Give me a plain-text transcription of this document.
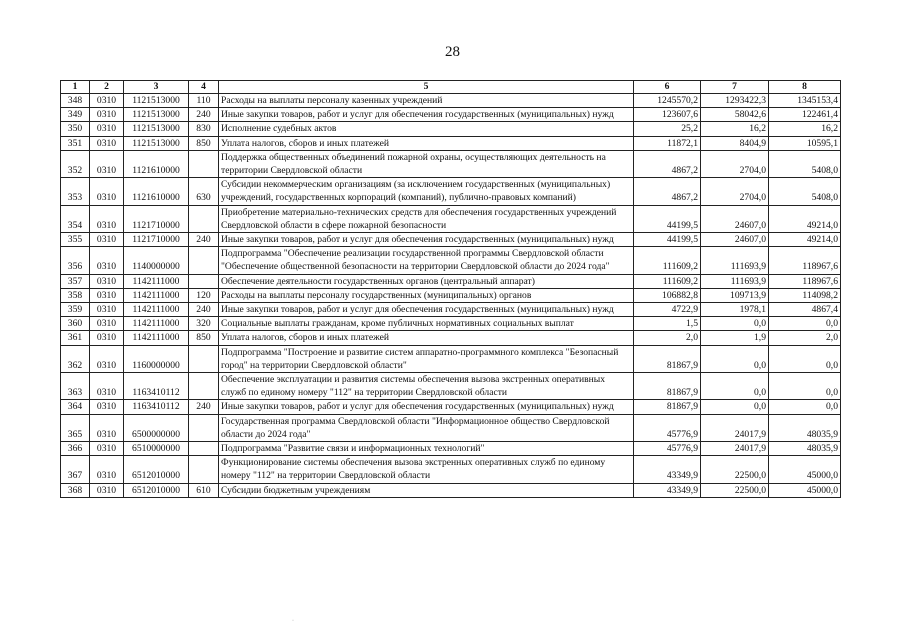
28
1	2	3	4	5	6	7	8
348	0310	1121513000	110	Расходы на выплаты персоналу казенных учреждений	1245570,2	1293422,3	1345153,4
349	0310	1121513000	240	Иные закупки товаров, работ и услуг для обеспечения государственных (муниципальных) нужд	123607,6	58042,6	122461,4
350	0310	1121513000	830	Исполнение судебных актов	25,2	16,2	16,2
351	0310	1121513000	850	Уплата налогов, сборов и иных платежей	11872,1	8404,9	10595,1
352	0310	1121610000		Поддержка общественных объединений пожарной охраны, осуществляющих деятельность на территории Свердловской области	4867,2	2704,0	5408,0
353	0310	1121610000	630	Субсидии некоммерческим организациям (за исключением государственных (муниципальных) учреждений, государственных корпораций (компаний), публично-правовых компаний)	4867,2	2704,0	5408,0
354	0310	1121710000		Приобретение материально-технических средств для обеспечения государственных учреждений Свердловской области в сфере пожарной безопасности	44199,5	24607,0	49214,0
355	0310	1121710000	240	Иные закупки товаров, работ и услуг для обеспечения государственных (муниципальных) нужд	44199,5	24607,0	49214,0
356	0310	1140000000		Подпрограмма "Обеспечение реализации государственной программы Свердловской области "Обеспечение общественной безопасности на территории Свердловской области до 2024 года"	111609,2	111693,9	118967,6
357	0310	1142111000		Обеспечение деятельности государственных органов (центральный аппарат)	111609,2	111693,9	118967,6
358	0310	1142111000	120	Расходы на выплаты персоналу государственных (муниципальных) органов	106882,8	109713,9	114098,2
359	0310	1142111000	240	Иные закупки товаров, работ и услуг для обеспечения государственных (муниципальных) нужд	4722,9	1978,1	4867,4
360	0310	1142111000	320	Социальные выплаты гражданам, кроме публичных нормативных социальных выплат	1,5	0,0	0,0
361	0310	1142111000	850	Уплата налогов, сборов и иных платежей	2,0	1,9	2,0
362	0310	1160000000		Подпрограмма "Построение и развитие систем аппаратно-программного комплекса "Безопасный город" на территории Свердловской области"	81867,9	0,0	0,0
363	0310	1163410112		Обеспечение эксплуатации и развития системы обеспечения вызова экстренных оперативных служб по единому номеру "112" на территории Свердловской области	81867,9	0,0	0,0
364	0310	1163410112	240	Иные закупки товаров, работ и услуг для обеспечения государственных (муниципальных) нужд	81867,9	0,0	0,0
365	0310	6500000000		Государственная программа Свердловской области "Информационное общество Свердловской области до 2024 года"	45776,9	24017,9	48035,9
366	0310	6510000000		Подпрограмма "Развитие связи и информационных технологий"	45776,9	24017,9	48035,9
367	0310	6512010000		Функционирование системы обеспечения вызова экстренных оперативных служб по единому номеру "112" на территории Свердловской области	43349,9	22500,0	45000,0
368	0310	6512010000	610	Субсидии бюджетным учреждениям	43349,9	22500,0	45000,0
·
